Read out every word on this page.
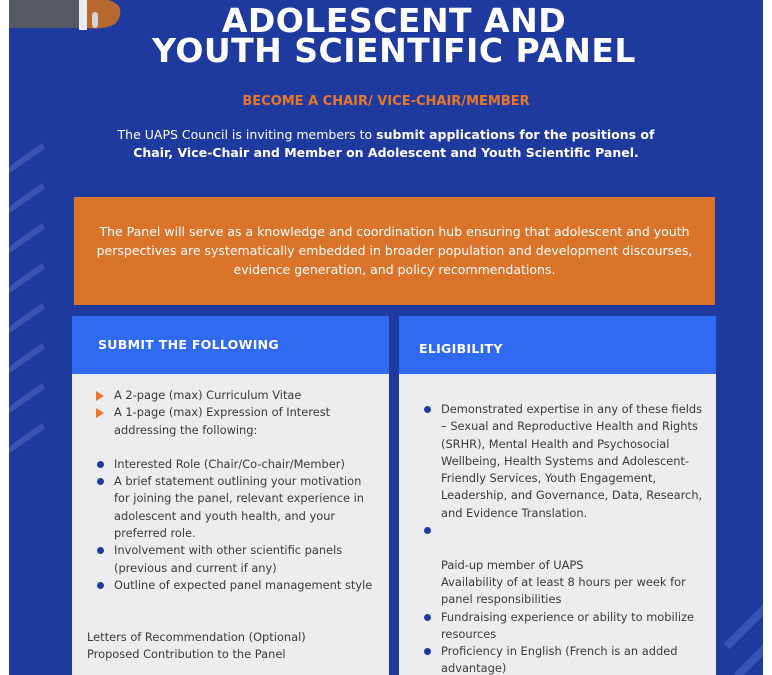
ADOLESCENT AND
YOUTH SCIENTIFIC PANEL
BECOME A CHAIR/ VICE-CHAIR/MEMBER
The UAPS Council is inviting members to submit applications for the positions of Chair, Vice-Chair and Member on Adolescent and Youth Scientific Panel.

The Panel will serve as a knowledge and coordination hub ensuring that adolescent and youth perspectives are systematically embedded in broader population and development discourses, evidence generation, and policy recommendations.

SUBMIT THE FOLLOWING
A 2-page (max) Curriculum Vitae
A 1-page (max) Expression of Interest addressing the following:
Interested Role (Chair/Co-chair/Member)
A brief statement outlining your motivation for joining the panel, relevant experience in adolescent and youth health, and your preferred role.
Involvement with other scientific panels (previous and current if any)
Outline of expected panel management style
Letters of Recommendation (Optional)
Proposed Contribution to the Panel
ELIGIBILITY
Demonstrated expertise in any of these fields – Sexual and Reproductive Health and Rights (SRHR), Mental Health and Psychosocial Wellbeing, Health Systems and Adolescent-Friendly Services, Youth Engagement, Leadership, and Governance, Data, Research, and Evidence Translation.

Paid-up member of UAPS
Availability of at least 8 hours per week for panel responsibilities

Fundraising experience or ability to mobilize resources
Proficiency in English (French is an added advantage)
